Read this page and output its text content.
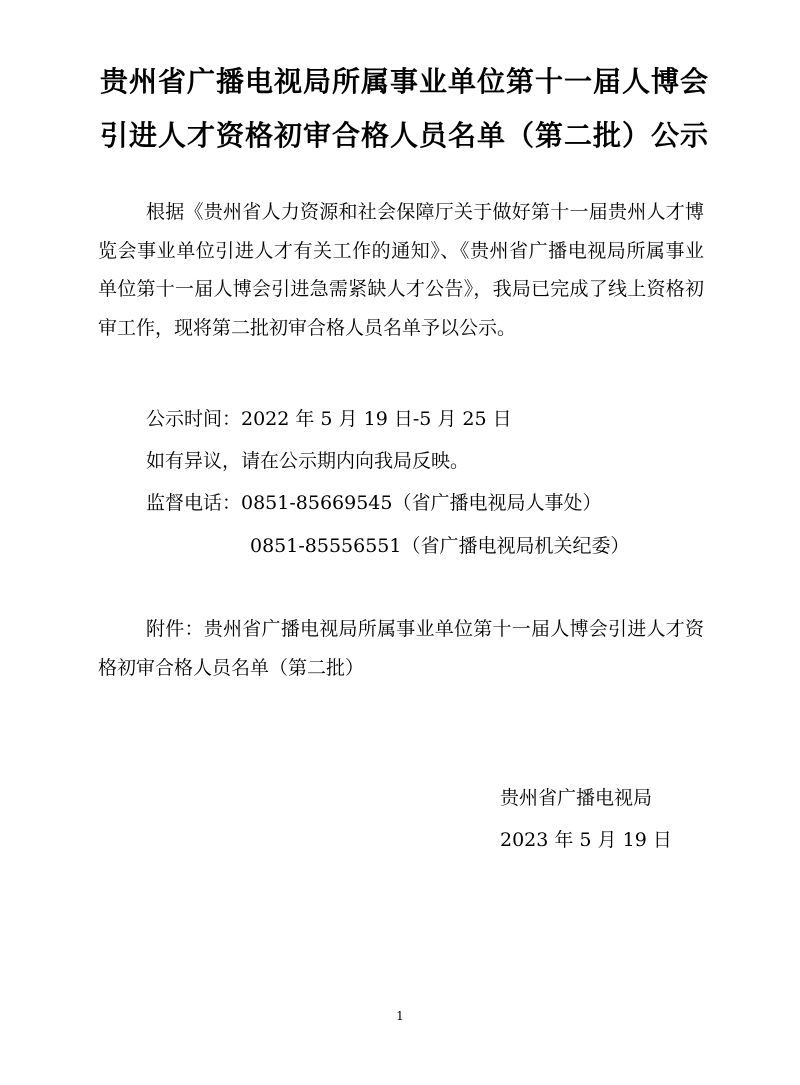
贵州省广播电视局所属事业单位第十一届人博会
引进人才资格初审合格人员名单（第二批）公示

根据《贵州省人力资源和社会保障厅关于做好第十一届贵州人才博览会事业单位引进人才有关工作的通知》、《贵州省广播电视局所属事业单位第十一届人博会引进急需紧缺人才公告》，我局已完成了线上资格初审工作，现将第二批初审合格人员名单予以公示。

公示时间：2022 年 5 月 19 日-5 月 25 日
如有异议，请在公示期内向我局反映。
监督电话：0851-85669545（省广播电视局人事处）
0851-85556551（省广播电视局机关纪委）

附件：贵州省广播电视局所属事业单位第十一届人博会引进人才资格初审合格人员名单（第二批）

贵州省广播电视局
2023 年 5 月 19 日
1
